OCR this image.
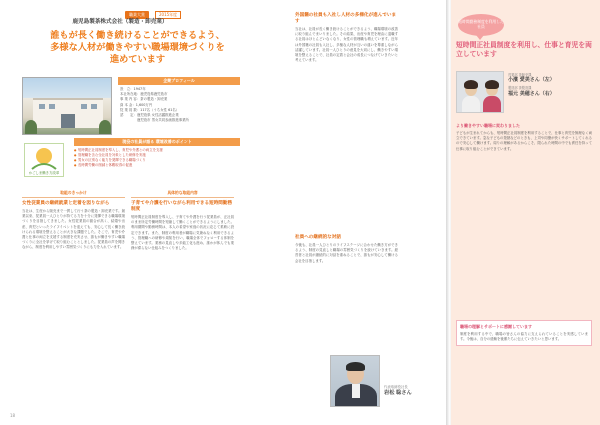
職業大賞	2015年度
鹿児島製茶株式会社（製造・卸売業）
誰もが長く働き続けることができるよう、
多様な人材が働きやすい職場環境づくりを進めています
企業プロフィール
設　立：1947年
本社所在地：鹿児島県鹿児島市
事 業 内 容：茶の製造・卸売業
資 本 金：1,600万円
従 業 員 数：117名（うち女性 61名）
認　　定：鹿児島県 女性活躍推進企業
　　　　　鹿児島市 男女共同参画推進事業所
かごしま働き方改革
現役の社員が語る 環境改善のポイント
● 短時間正社員制度を導入し、育児や介護との両立を支援
● 管理職を含む全社員を対象とした研修を実施
● 男女の区別なく能力を発揮できる職場づくり
● 長時間労働の削減と休暇取得の促進
取組のきっかけ
女性従業員の継続就業と定着を図りながら
当社は、生産から販売まで一貫して行う茶の製造・卸売業です。創業以来、従業員一人ひとりが持てる力を十分に発揮できる職場環境づくりを目指してきました。女性従業員の割合が高く、結婚や出産、育児といったライフイベントを迎えても、安心して長く働き続けられる環境を整えることが大きな課題でした。そこで、育児や介護と仕事の両立を支援する制度を充実させ、誰もが働きやすい職場づくりに全社を挙げて取り組むこととしました。従業員の声を聞きながら、制度を利用しやすい雰囲気づくりにも力を入れています。
具体的な取組内容
子育てや介護を行いながら利用できる短時間勤務制度
短時間正社員制度を導入し、子育てや介護を行う従業員が、正社員のまま所定労働時間を短縮して働くことができるようにしました。利用期間や勤務時間は、本人の希望や家庭の状況に応じて柔軟に設定できます。また、制度の利用者が職場に気兼ねなく利用できるよう、管理職への研修や周知を行い、職場全体でフォローする体制を整えています。業務の見直しや多能工化も進め、誰かが休んでも業務が滞らない仕組みをつくりました。
外国籍の社員も入社し人材の多様化が進んでいます
当社は、社員が長く働き続けることができるよう、職場環境の改善に取り組んでまいりました。その結果、出産や育児を理由に退職する社員はほとんどいなくなり、女性の管理職も増えています。近年は外国籍の社員も入社し、多様な人材が互いの違いを尊重しながら活躍しています。社員一人ひとりの意見を大切にし、働きやすい環境を整えることで、社員の定着と会社の成長につなげていきたいと考えています。
社員への継続的な対話
今後も、社員一人ひとりのライフステージに合わせた働き方ができるよう、制度の見直しと職場の雰囲気づくりを続けていきます。経営者と社員が継続的に対話を重ねることで、誰もが安心して働ける会社を目指します。
代表取締役社長
岩松 聡さん
18
短時間勤務制度を利用した社員
短時間正社員制度を利用し、仕事と育児を両立しています
営業部 茶販売課
小濱 愛美さん（左）
製造部 茶製造課
福元 美穂さん（右）
より働きやすい職場に変わりました
子どもが生まれてからも、短時間正社員制度を利用することで、仕事と育児を無理なく両立できています。急な子どもの発熱などのときも、上司や同僚が快くサポートしてくれるので安心して働けます。周りの理解があるからこそ、限られた時間の中でも責任を持って仕事に取り組むことができています。
職場の理解とサポートに感謝しています
制度を利用する中で、職場の皆さんの協力に支えられていることを実感しています。今後は、自分の経験を後輩たちに伝えていきたいと思います。
